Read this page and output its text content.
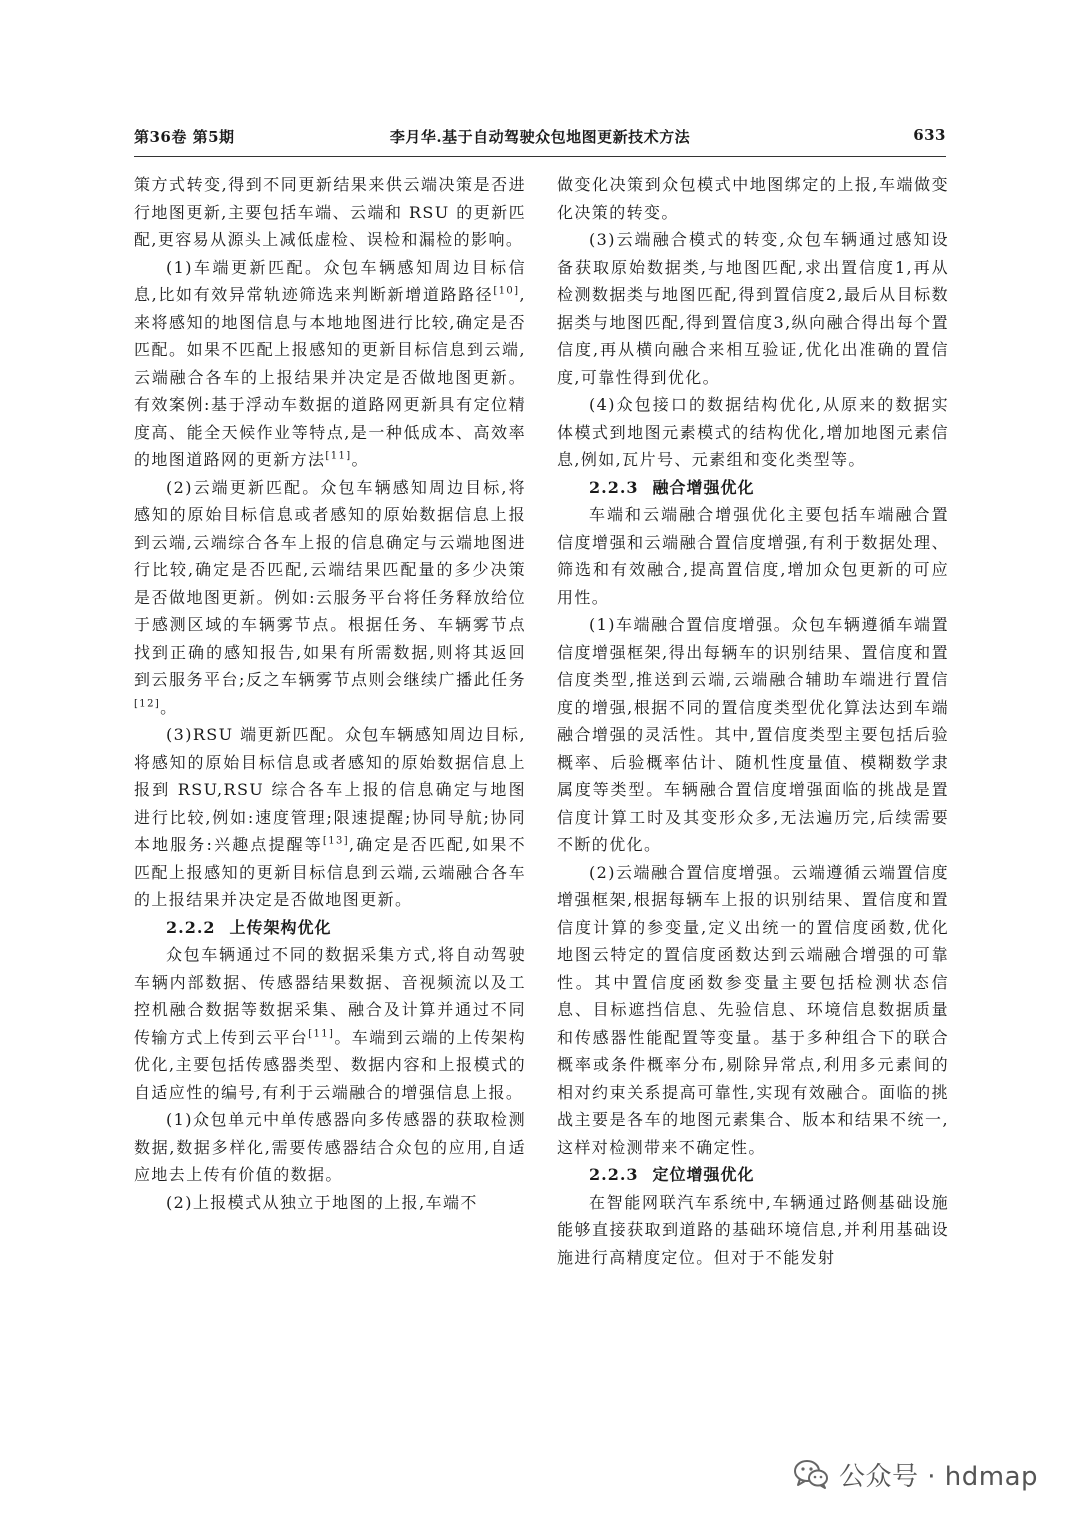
第36卷 第5期	李月华.基于自动驾驶众包地图更新技术方法	633

策方式转变,得到不同更新结果来供云端决策是否进行地图更新,主要包括车端、云端和 RSU 的更新匹配,更容易从源头上减低虚检、误检和漏检的影响。

(1)车端更新匹配。众包车辆感知周边目标信息,比如有效异常轨迹筛选来判断新增道路路径[10],来将感知的地图信息与本地地图进行比较,确定是否匹配。如果不匹配上报感知的更新目标信息到云端,云端融合各车的上报结果并决定是否做地图更新。有效案例:基于浮动车数据的道路网更新具有定位精度高、能全天候作业等特点,是一种低成本、高效率的地图道路网的更新方法[11]。

(2)云端更新匹配。众包车辆感知周边目标,将感知的原始目标信息或者感知的原始数据信息上报到云端,云端综合各车上报的信息确定与云端地图进行比较,确定是否匹配,云端结果匹配量的多少决策是否做地图更新。例如:云服务平台将任务释放给位于感测区域的车辆雾节点。根据任务、车辆雾节点找到正确的感知报告,如果有所需数据,则将其返回到云服务平台;反之车辆雾节点则会继续广播此任务[12]。

(3)RSU 端更新匹配。众包车辆感知周边目标,将感知的原始目标信息或者感知的原始数据信息上报到 RSU,RSU 综合各车上报的信息确定与地图进行比较,例如:速度管理;限速提醒;协同导航;协同本地服务:兴趣点提醒等[13],确定是否匹配,如果不匹配上报感知的更新目标信息到云端,云端融合各车的上报结果并决定是否做地图更新。

2.2.2 上传架构优化

众包车辆通过不同的数据采集方式,将自动驾驶车辆内部数据、传感器结果数据、音视频流以及工控机融合数据等数据采集、融合及计算并通过不同传输方式上传到云平台[11]。车端到云端的上传架构优化,主要包括传感器类型、数据内容和上报模式的自适应性的编号,有利于云端融合的增强信息上报。

(1)众包单元中单传感器向多传感器的获取检测数据,数据多样化,需要传感器结合众包的应用,自适应地去上传有价值的数据。

(2)上报模式从独立于地图的上报,车端不

做变化决策到众包模式中地图绑定的上报,车端做变化决策的转变。

(3)云端融合模式的转变,众包车辆通过感知设备获取原始数据类,与地图匹配,求出置信度1,再从检测数据类与地图匹配,得到置信度2,最后从目标数据类与地图匹配,得到置信度3,纵向融合得出每个置信度,再从横向融合来相互验证,优化出准确的置信度,可靠性得到优化。

(4)众包接口的数据结构优化,从原来的数据实体模式到地图元素模式的结构优化,增加地图元素信息,例如,瓦片号、元素组和变化类型等。

2.2.3 融合增强优化

车端和云端融合增强优化主要包括车端融合置信度增强和云端融合置信度增强,有利于数据处理、筛选和有效融合,提高置信度,增加众包更新的可应用性。

(1)车端融合置信度增强。众包车辆遵循车端置信度增强框架,得出每辆车的识别结果、置信度和置信度类型,推送到云端,云端融合辅助车端进行置信度的增强,根据不同的置信度类型优化算法达到车端融合增强的灵活性。其中,置信度类型主要包括后验概率、后验概率估计、随机性度量值、模糊数学隶属度等类型。车辆融合置信度增强面临的挑战是置信度计算工时及其变形众多,无法遍历完,后续需要不断的优化。

(2)云端融合置信度增强。云端遵循云端置信度增强框架,根据每辆车上报的识别结果、置信度和置信度计算的参变量,定义出统一的置信度函数,优化地图云特定的置信度函数达到云端融合增强的可靠性。其中置信度函数参变量主要包括检测状态信息、目标遮挡信息、先验信息、环境信息数据质量和传感器性能配置等变量。基于多种组合下的联合概率或条件概率分布,剔除异常点,利用多元素间的相对约束关系提高可靠性,实现有效融合。面临的挑战主要是各车的地图元素集合、版本和结果不统一,这样对检测带来不确定性。

2.2.3 定位增强优化

在智能网联汽车系统中,车辆通过路侧基础设施能够直接获取到道路的基础环境信息,并利用基础设施进行高精度定位。但对于不能发射

公众号 · hdmap
